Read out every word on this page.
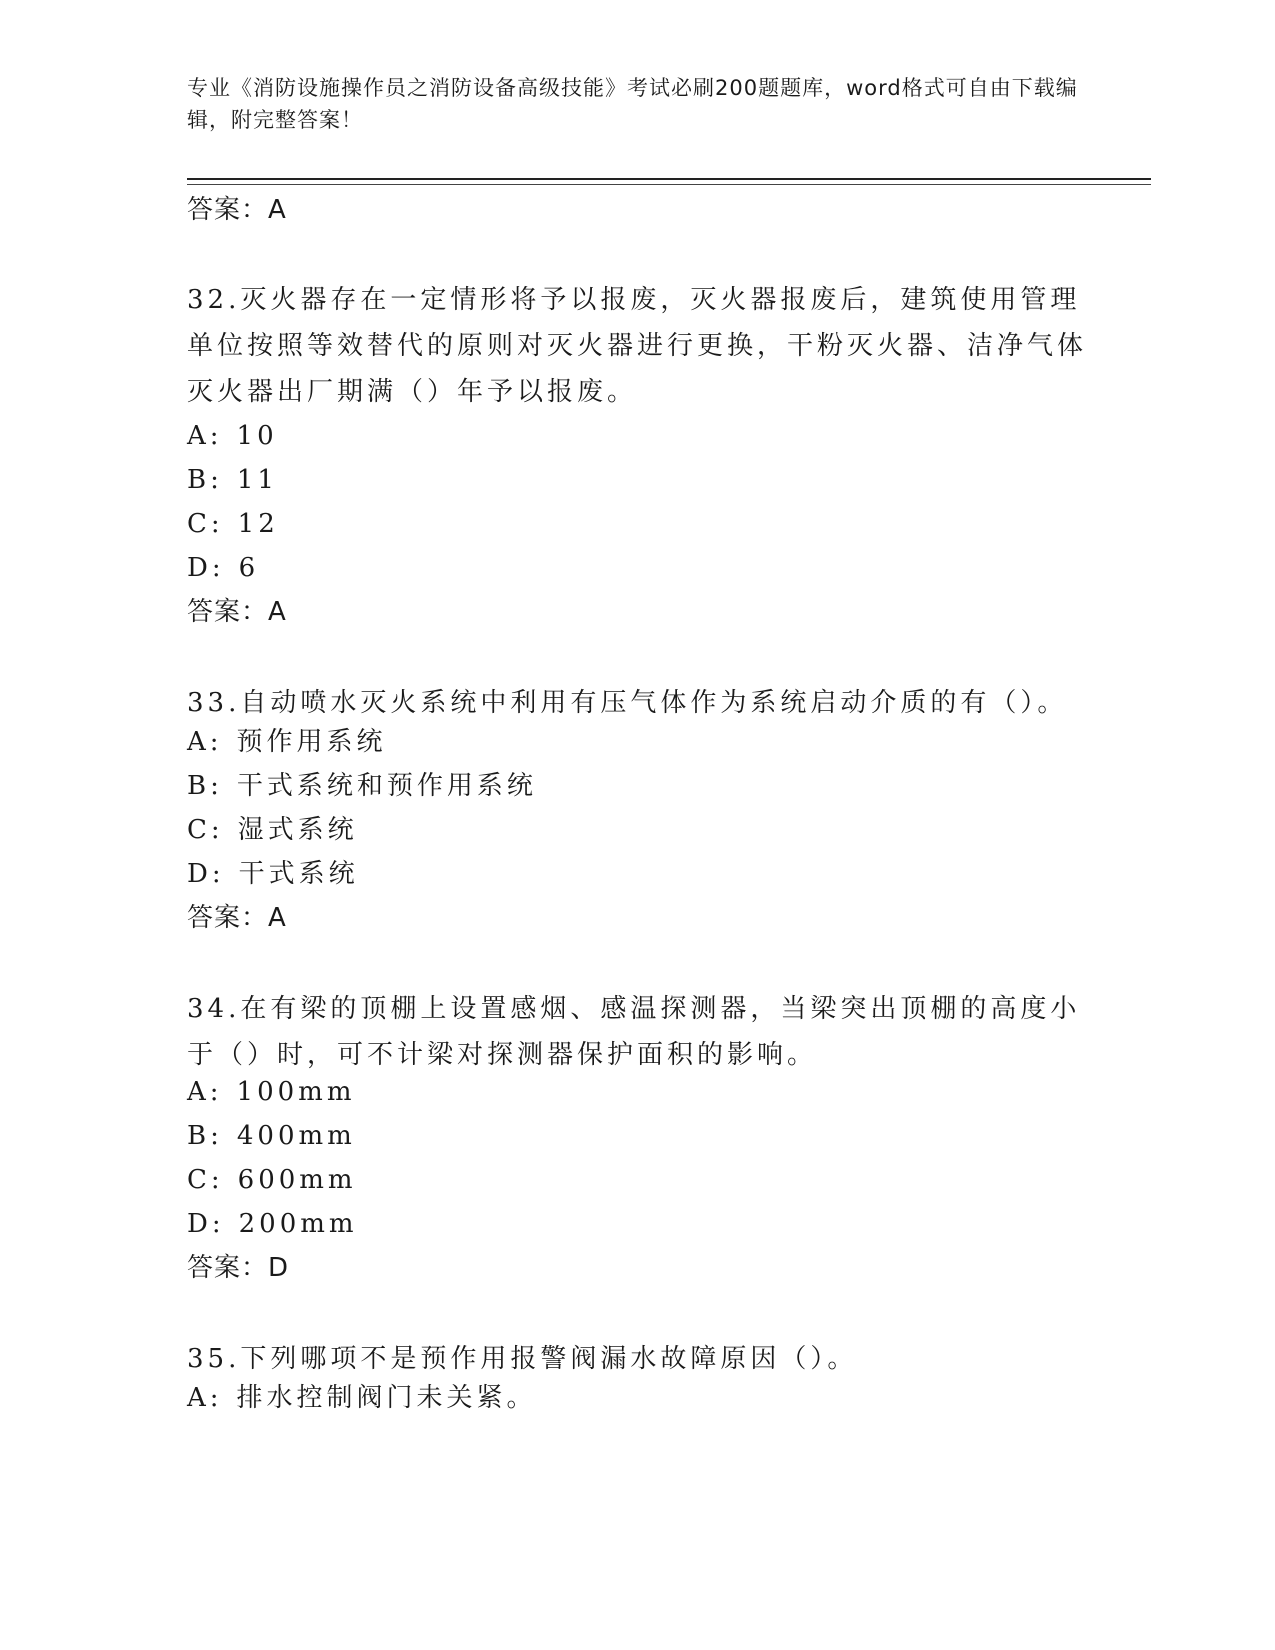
专业《消防设施操作员之消防设备高级技能》考试必刷200题题库，word格式可自由下载编辑，附完整答案！
答案：A
32.灭火器存在一定情形将予以报废，灭火器报废后，建筑使用管理单位按照等效替代的原则对灭火器进行更换，干粉灭火器、洁净气体灭火器出厂期满（）年予以报废。
A: 10
B: 11
C: 12
D: 6
答案：A
33.自动喷水灭火系统中利用有压气体作为系统启动介质的有（）。
A: 预作用系统
B: 干式系统和预作用系统
C: 湿式系统
D: 干式系统
答案：A
34.在有梁的顶棚上设置感烟、感温探测器，当梁突出顶棚的高度小于（）时，可不计梁对探测器保护面积的影响。
A: 100mm
B: 400mm
C: 600mm
D: 200mm
答案：D
35.下列哪项不是预作用报警阀漏水故障原因（）。
A: 排水控制阀门未关紧。
